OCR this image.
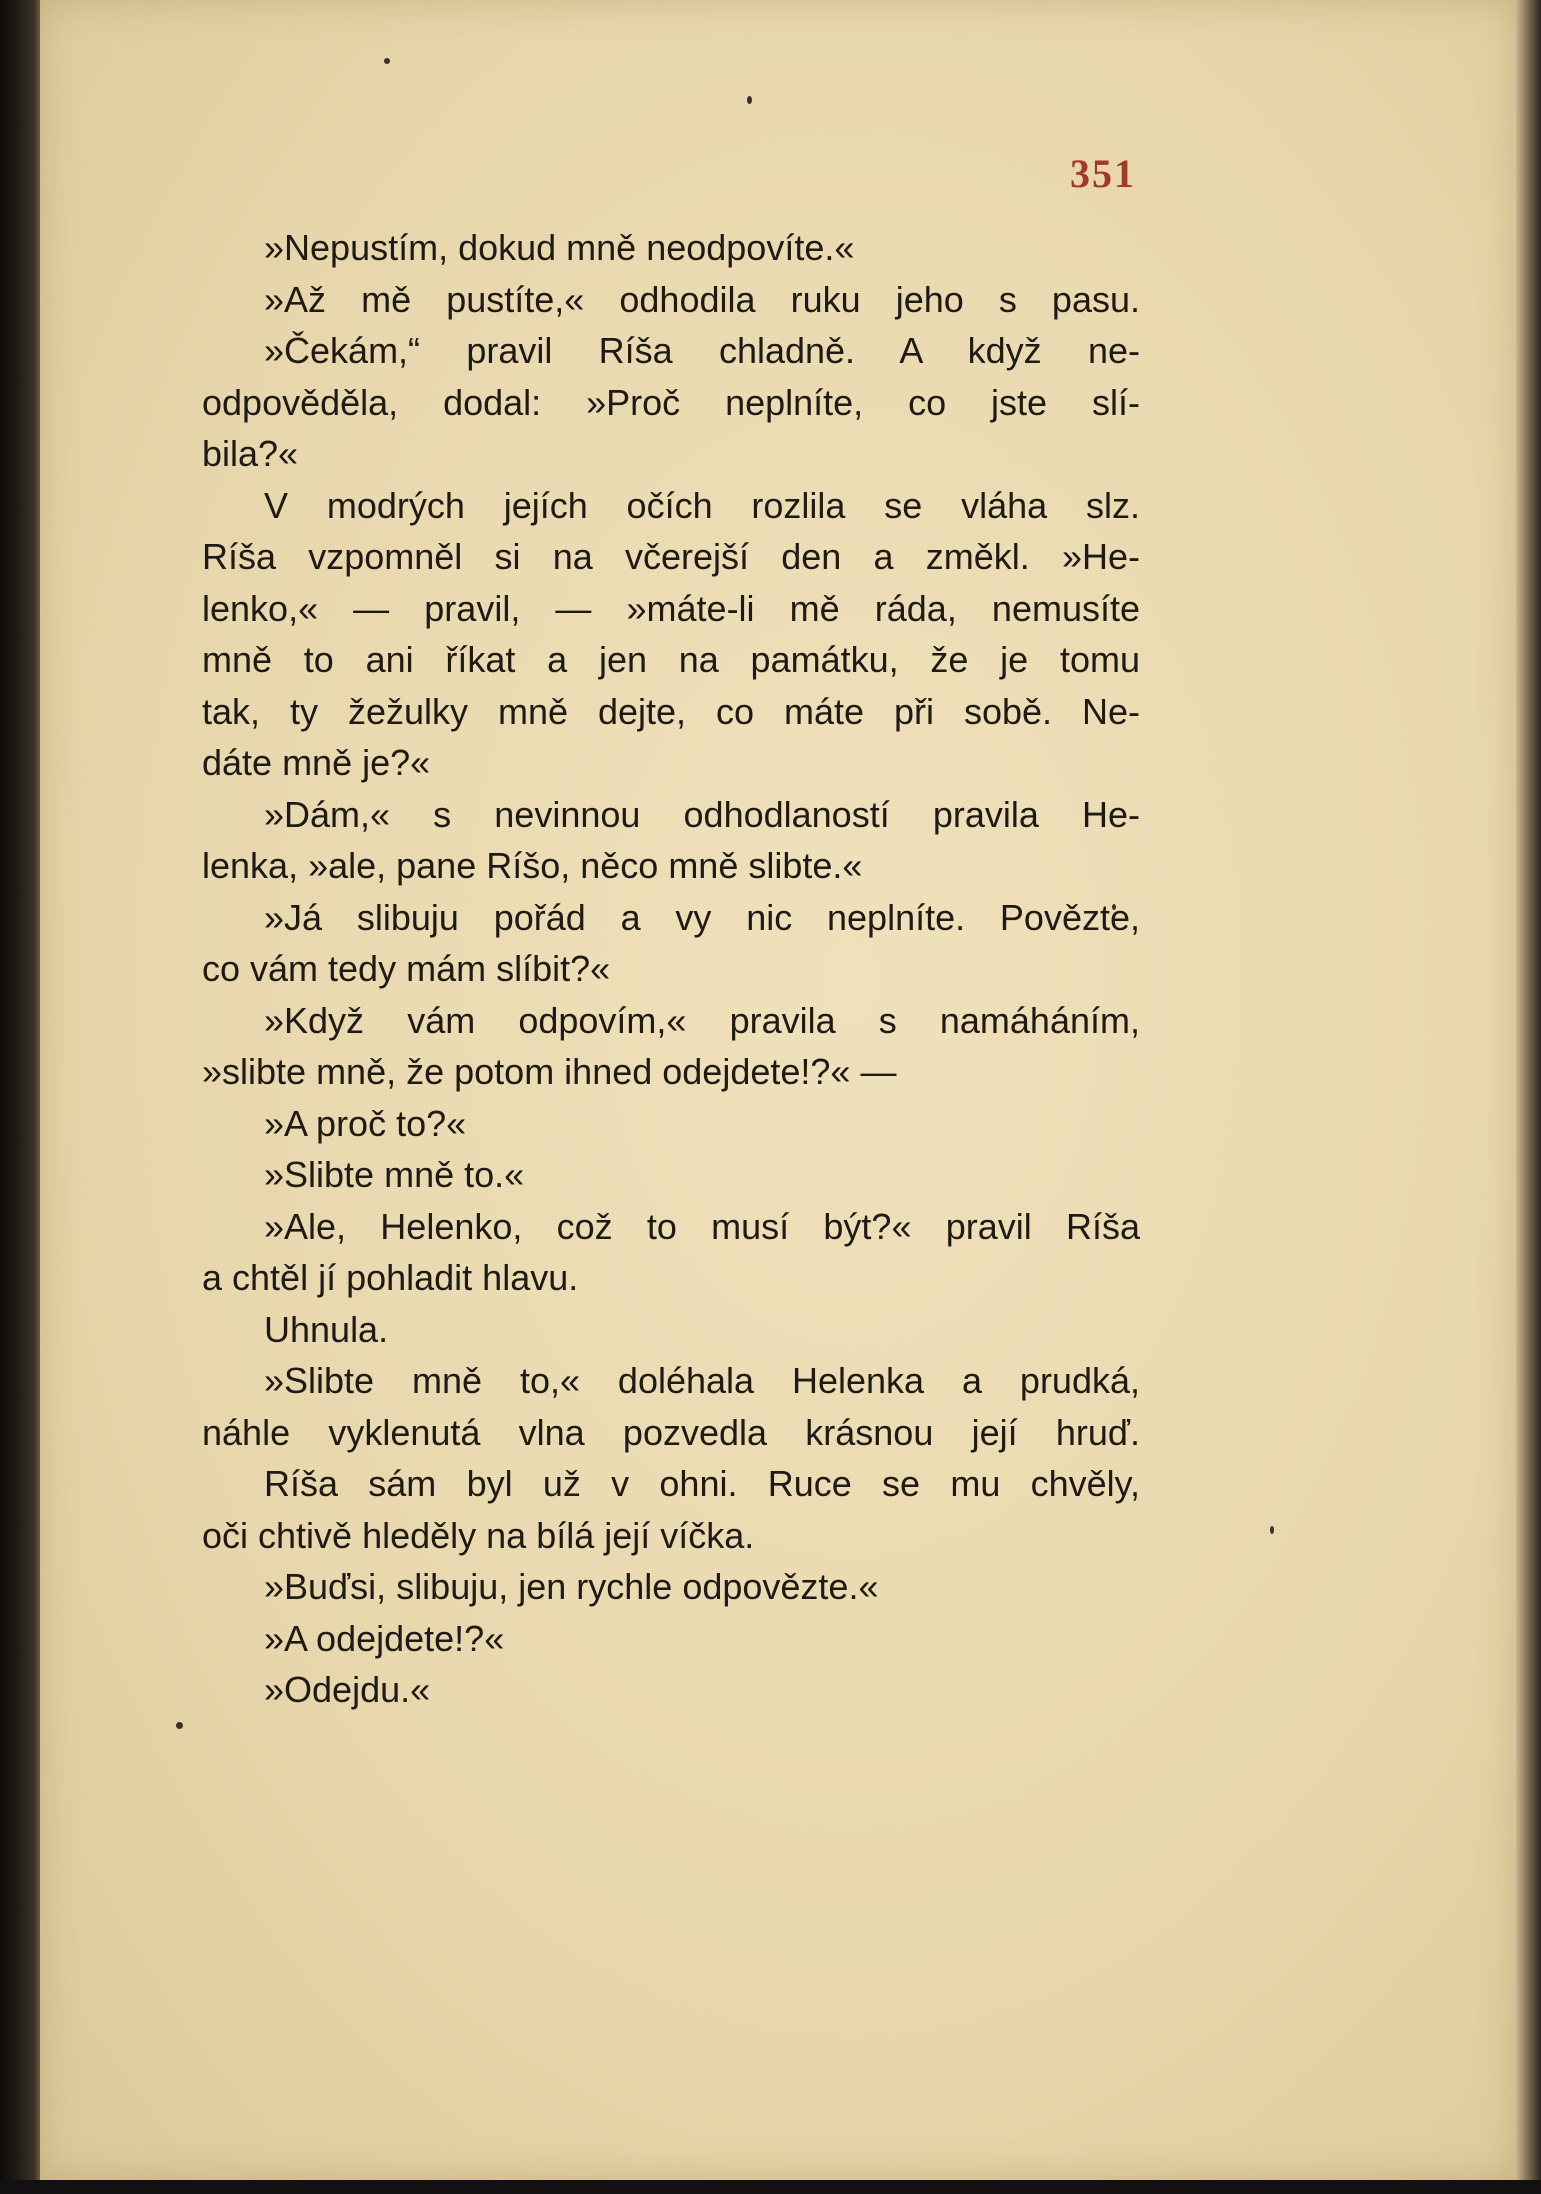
351
»Nepustím, dokud mně neodpovíte.«
»Až mě pustíte,« odhodila ruku jeho s pasu.
»Čekám,“ pravil Ríša chladně. A když ne-
odpověděla, dodal: »Proč neplníte, co jste slí-
bila?«
V modrých jejích očích rozlila se vláha slz.
Ríša vzpomněl si na včerejší den a změkl. »He-
lenko,« — pravil, — »máte-li mě ráda, nemusíte
mně to ani říkat a jen na památku, že je tomu
tak, ty žežulky mně dejte, co máte při sobě. Ne-
dáte mně je?«
»Dám,« s nevinnou odhodlaností pravila He-
lenka, »ale, pane Ríšo, něco mně slibte.«
»Já slibuju pořád a vy nic neplníte. Povězte,
co vám tedy mám slíbit?«
»Když vám odpovím,« pravila s namáháním,
»slibte mně, že potom ihned odejdete!?« —
»A proč to?«
»Slibte mně to.«
»Ale, Helenko, což to musí být?« pravil Ríša
a chtěl jí pohladit hlavu.
Uhnula.
»Slibte mně to,« doléhala Helenka a prudká,
náhle vyklenutá vlna pozvedla krásnou její hruď.
Ríša sám byl už v ohni. Ruce se mu chvěly,
oči chtivě hleděly na bílá její víčka.
»Buďsi, slibuju, jen rychle odpovězte.«
»A odejdete!?«
»Odejdu.«
